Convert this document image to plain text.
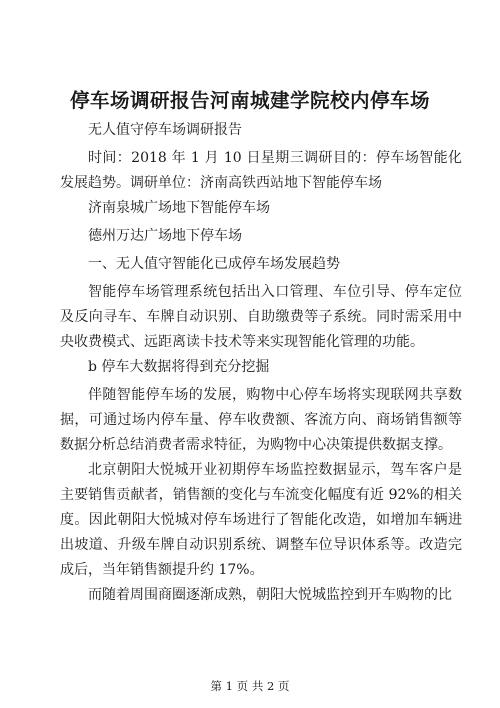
停车场调研报告河南城建学院校内停车场

无人值守停车场调研报告

时间：2018 年 1 月 10 日星期三调研目的：停车场智能化发展趋势。调研单位：济南高铁西站地下智能停车场

济南泉城广场地下智能停车场

德州万达广场地下停车场

一、无人值守智能化已成停车场发展趋势

智能停车场管理系统包括出入口管理、车位引导、停车定位及反向寻车、车牌自动识别、自助缴费等子系统。同时需采用中央收费模式、远距离读卡技术等来实现智能化管理的功能。

b 停车大数据将得到充分挖掘

伴随智能停车场的发展，购物中心停车场将实现联网共享数据，可通过场内停车量、停车收费额、客流方向、商场销售额等数据分析总结消费者需求特征，为购物中心决策提供数据支撑。

北京朝阳大悦城开业初期停车场监控数据显示，驾车客户是主要销售贡献者，销售额的变化与车流变化幅度有近 92%的相关度。因此朝阳大悦城对停车场进行了智能化改造，如增加车辆进出坡道、升级车牌自动识别系统、调整车位导识体系等。改造完成后，当年销售额提升约 17%。

而随着周围商圈逐渐成熟，朝阳大悦城监控到开车购物的比

第 1 页 共 2 页
